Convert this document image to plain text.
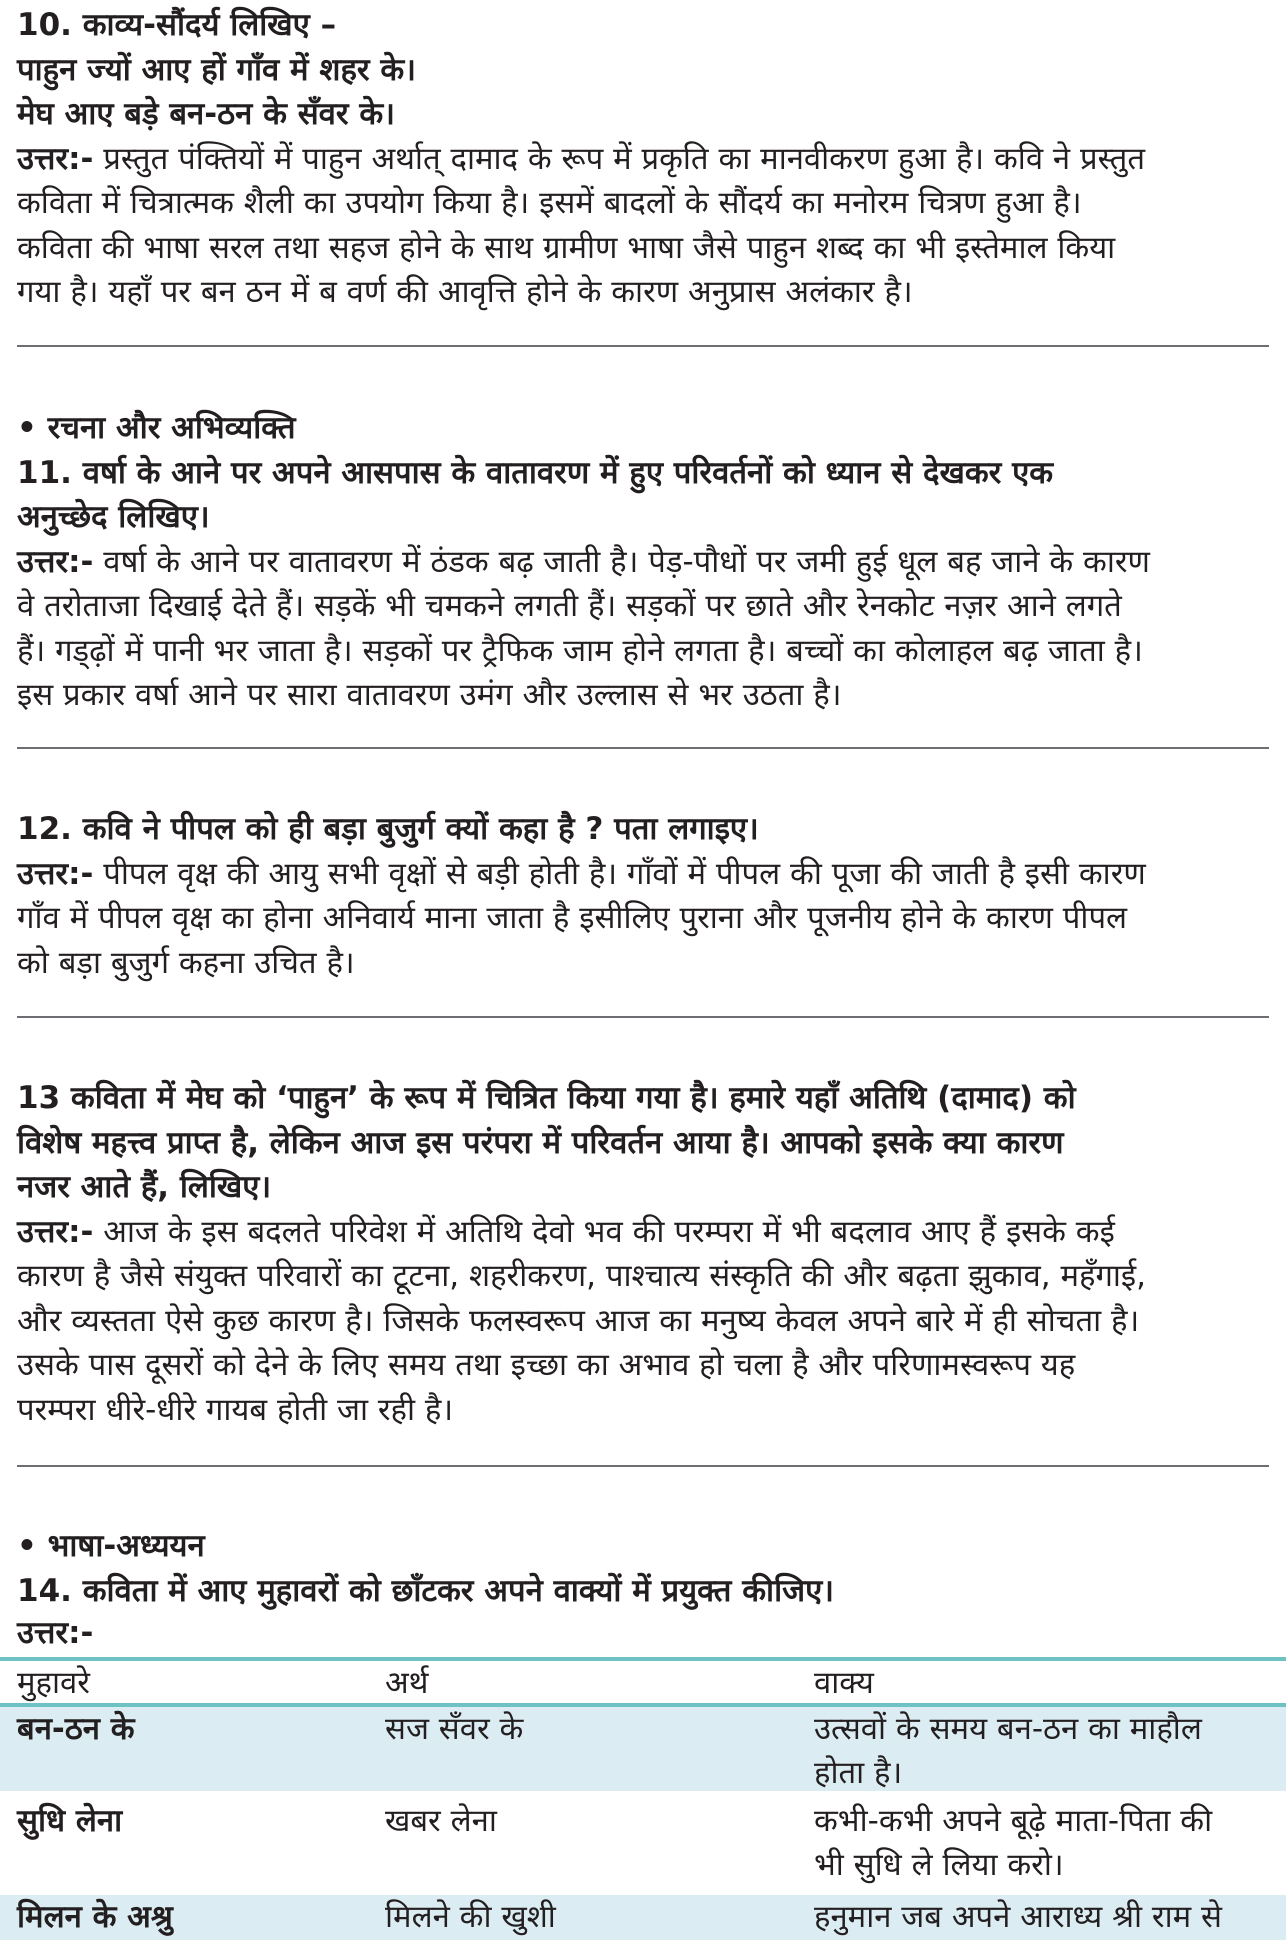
10. काव्य-सौंदर्य लिखिए –
पाहुन ज्यों आए हों गाँव में शहर के।
मेघ आए बड़े बन-ठन के सँवर के।
उत्तर:- प्रस्तुत पंक्तियों में पाहुन अर्थात् दामाद के रूप में प्रकृति का मानवीकरण हुआ है। कवि ने प्रस्तुत
कविता में चित्रात्मक शैली का उपयोग किया है। इसमें बादलों के सौंदर्य का मनोरम चित्रण हुआ है।
कविता की भाषा सरल तथा सहज होने के साथ ग्रामीण भाषा जैसे पाहुन शब्द का भी इस्तेमाल किया
गया है। यहाँ पर बन ठन में ब वर्ण की आवृत्ति होने के कारण अनुप्रास अलंकार है।
• रचना और अभिव्यक्ति
11. वर्षा के आने पर अपने आसपास के वातावरण में हुए परिवर्तनों को ध्यान से देखकर एक
अनुच्छेद लिखिए।
उत्तर:- वर्षा के आने पर वातावरण में ठंडक बढ़ जाती है। पेड़-पौधों पर जमी हुई धूल बह जाने के कारण
वे तरोताजा दिखाई देते हैं। सड़कें भी चमकने लगती हैं। सड़कों पर छाते और रेनकोट नज़र आने लगते
हैं। गड्ढ़ों में पानी भर जाता है। सड़कों पर ट्रैफिक जाम होने लगता है। बच्चों का कोलाहल बढ़ जाता है।
इस प्रकार वर्षा आने पर सारा वातावरण उमंग और उल्लास से भर उठता है।
12. कवि ने पीपल को ही बड़ा बुजुर्ग क्यों कहा है ? पता लगाइए।
उत्तर:- पीपल वृक्ष की आयु सभी वृक्षों से बड़ी होती है। गाँवों में पीपल की पूजा की जाती है इसी कारण
गाँव में पीपल वृक्ष का होना अनिवार्य माना जाता है इसीलिए पुराना और पूजनीय होने के कारण पीपल
को बड़ा बुजुर्ग कहना उचित है।
13 कविता में मेघ को ‘पाहुन’ के रूप में चित्रित किया गया है। हमारे यहाँ अतिथि (दामाद) को
विशेष महत्त्व प्राप्त है, लेकिन आज इस परंपरा में परिवर्तन आया है। आपको इसके क्या कारण
नजर आते हैं, लिखिए।
उत्तर:- आज के इस बदलते परिवेश में अतिथि देवो भव की परम्परा में भी बदलाव आए हैं इसके कई
कारण है जैसे संयुक्त परिवारों का टूटना, शहरीकरण, पाश्चात्य संस्कृति की और बढ़ता झुकाव, महँगाई,
और व्यस्तता ऐसे कुछ कारण है। जिसके फलस्वरूप आज का मनुष्य केवल अपने बारे में ही सोचता है।
उसके पास दूसरों को देने के लिए समय तथा इच्छा का अभाव हो चला है और परिणामस्वरूप यह
परम्परा धीरे-धीरे गायब होती जा रही है।
• भाषा-अध्ययन
14. कविता में आए मुहावरों को छाँटकर अपने वाक्यों में प्रयुक्त कीजिए।
उत्तर:-
मुहावरे	अर्थ	वाक्य
बन-ठन के	सज सँवर के	उत्सवों के समय बन-ठन का माहौल
होता है।
सुधि लेना	खबर लेना	कभी-कभी अपने बूढ़े माता-पिता की
भी सुधि ले लिया करो।
मिलन के अश्रु	मिलने की खुशी	हनुमान जब अपने आराध्य श्री राम से
